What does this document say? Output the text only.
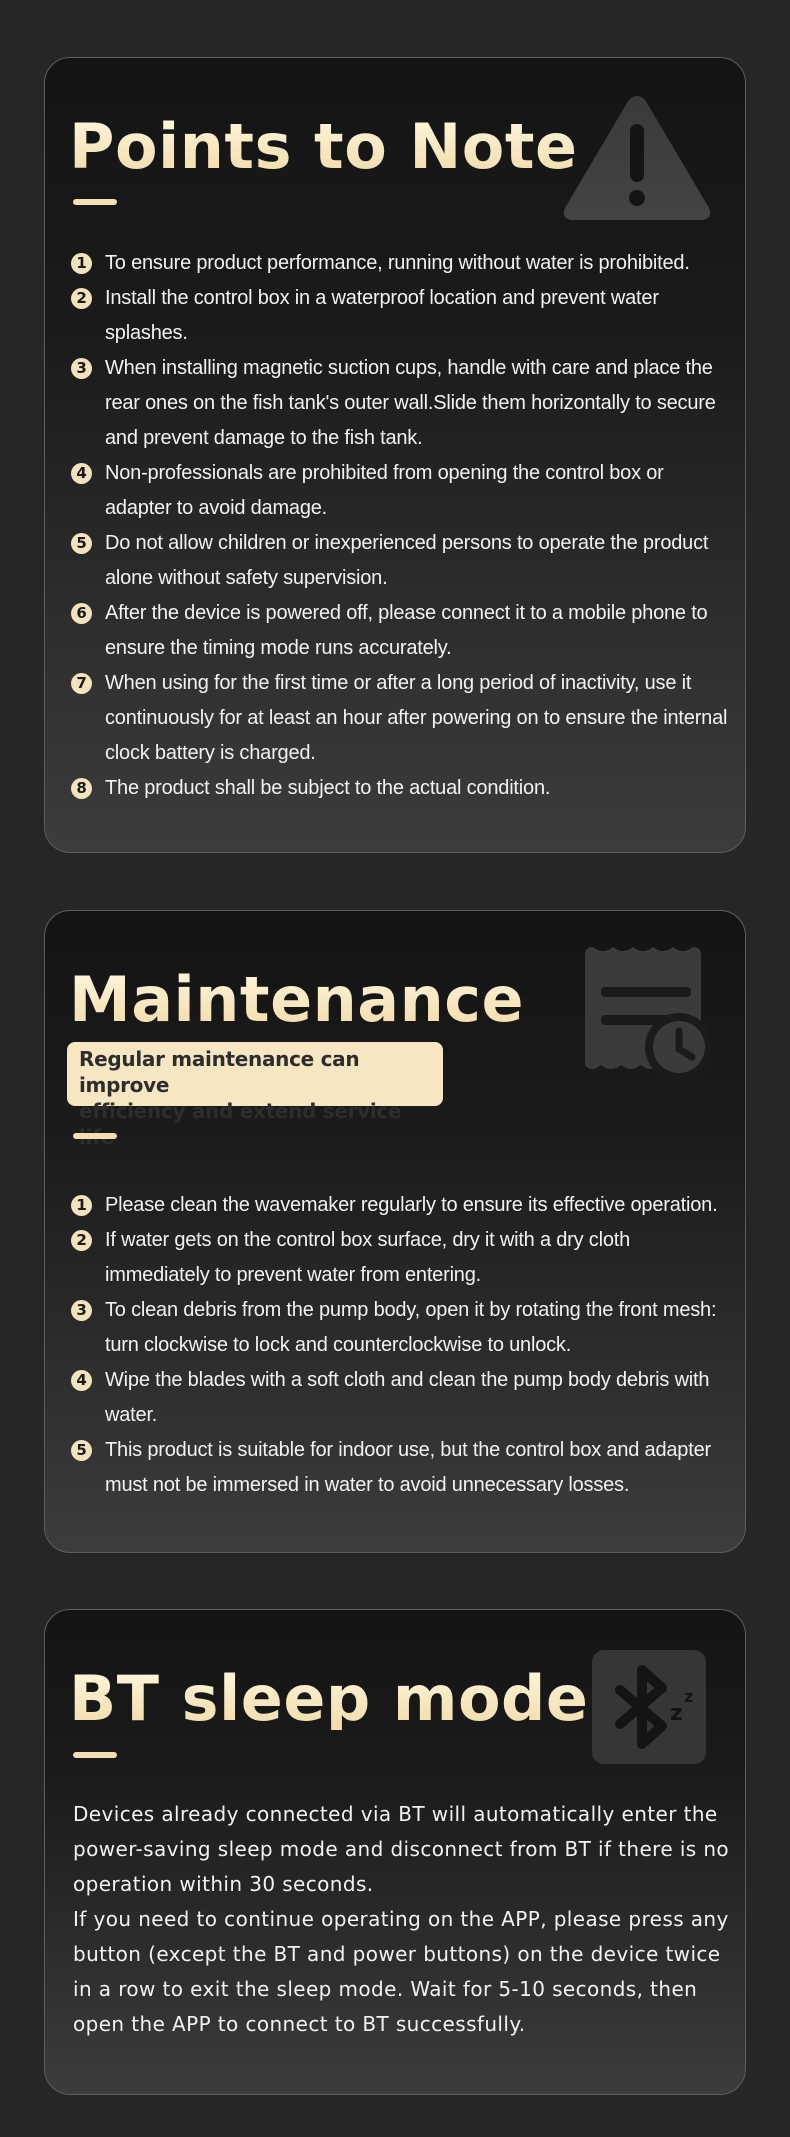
Points to Note
1 To ensure product performance, running without water is prohibited.
2 Install the control box in a waterproof location and prevent water splashes.
3 When installing magnetic suction cups, handle with care and place the rear ones on the fish tank's outer wall.Slide them horizontally to secure and prevent damage to the fish tank.
4 Non-professionals are prohibited from opening the control box or adapter to avoid damage.
5 Do not allow children or inexperienced persons to operate the product alone without safety supervision.
6 After the device is powered off, please connect it to a mobile phone to ensure the timing mode runs accurately.
7 When using for the first time or after a long period of inactivity, use it continuously for at least an hour after powering on to ensure the internal clock battery is charged.
8 The product shall be subject to the actual condition.
Maintenance
Regular maintenance can improve
efficiency and extend service
1 Please clean the wavemaker regularly to ensure its effective operation.
2 If water gets on the control box surface, dry it with a dry cloth immediately to prevent water from entering.
3 To clean debris from the pump body, open it by rotating the front mesh: turn clockwise to lock and counterclockwise to unlock.
4 Wipe the blades with a soft cloth and clean the pump body debris with water.
5 This product is suitable for indoor use, but the control box and adapter must not be immersed in water to avoid unnecessary losses.
BT sleep mode	z
z

Devices already connected via BT will automatically enter the power-saving sleep mode and disconnect from BT if there is no operation within 30 seconds.

If you need to continue operating on the APP, please press any button (except the BT and power buttons) on the device twice in a row to exit the sleep mode. Wait for 5-10 seconds, then open the APP to connect to BT successfully.
